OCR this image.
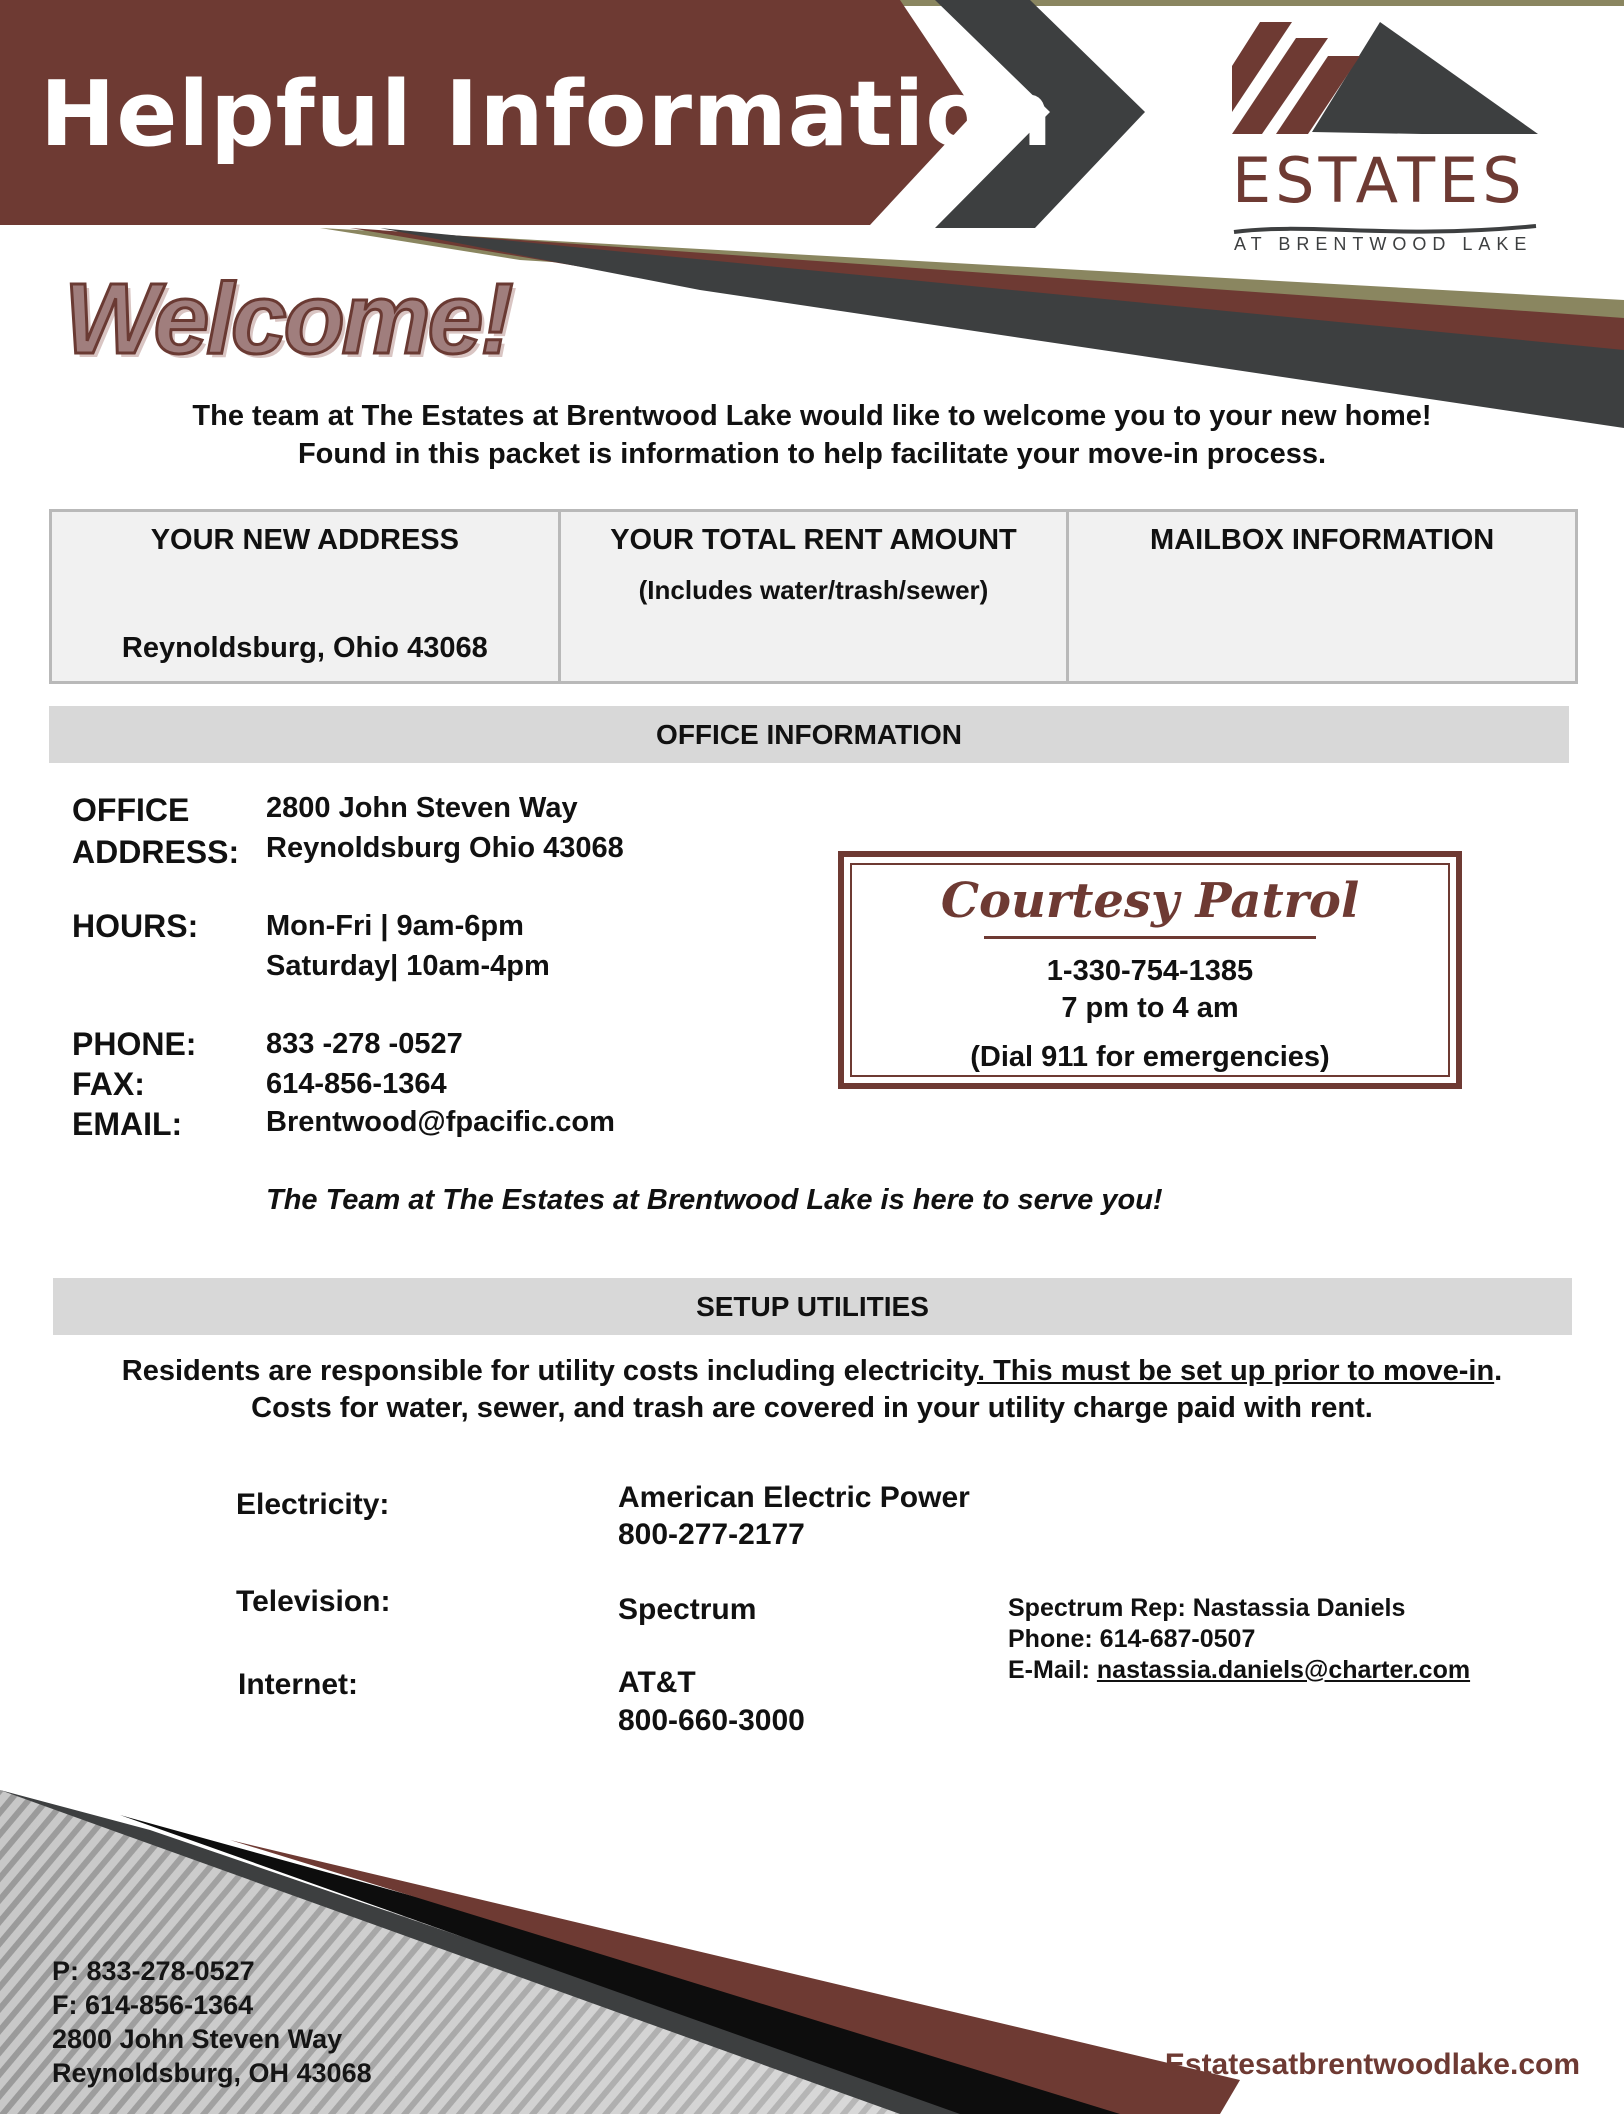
Helpful Information
ESTATES
AT BRENTWOOD LAKE
Welcome!
The team at The Estates at Brentwood Lake would like to welcome you to your new home!
Found in this packet is information to help facilitate your move-in process.
YOUR NEW ADDRESS
Reynoldsburg, Ohio 43068
	YOUR TOTAL RENT AMOUNT
(Includes water/trash/sewer)
	MAILBOX INFORMATION
OFFICE INFORMATION
OFFICE
ADDRESS:
2800 John Steven Way
Reynoldsburg Ohio 43068
HOURS: Mon-Fri | 9am-6pm
Saturday| 10am-4pm
PHONE: 833 -278 -0527
FAX:	614-856-1364
EMAIL:	Brentwood@fpacific.com
The Team at The Estates at Brentwood Lake is here to serve you!
Courtesy Patrol
1-330-754-1385
7 pm to 4 am
(Dial 911 for emergencies)
SETUP UTILITIES
Residents are responsible for utility costs including electricity. This must be set up prior to move-in.
Costs for water, sewer, and trash are covered in your utility charge paid with rent.
Electricity:	American Electric Power
800-277-2177
Television:	Spectrum
Internet:	AT&T
800-660-3000
Spectrum Rep: Nastassia Daniels
Phone: 614-687-0507
E-Mail: nastassia.daniels@charter.com
P: 833-278-0527
F: 614-856-1364
2800 John Steven Way
Reynoldsburg, OH 43068	Estatesatbrentwoodlake.com
